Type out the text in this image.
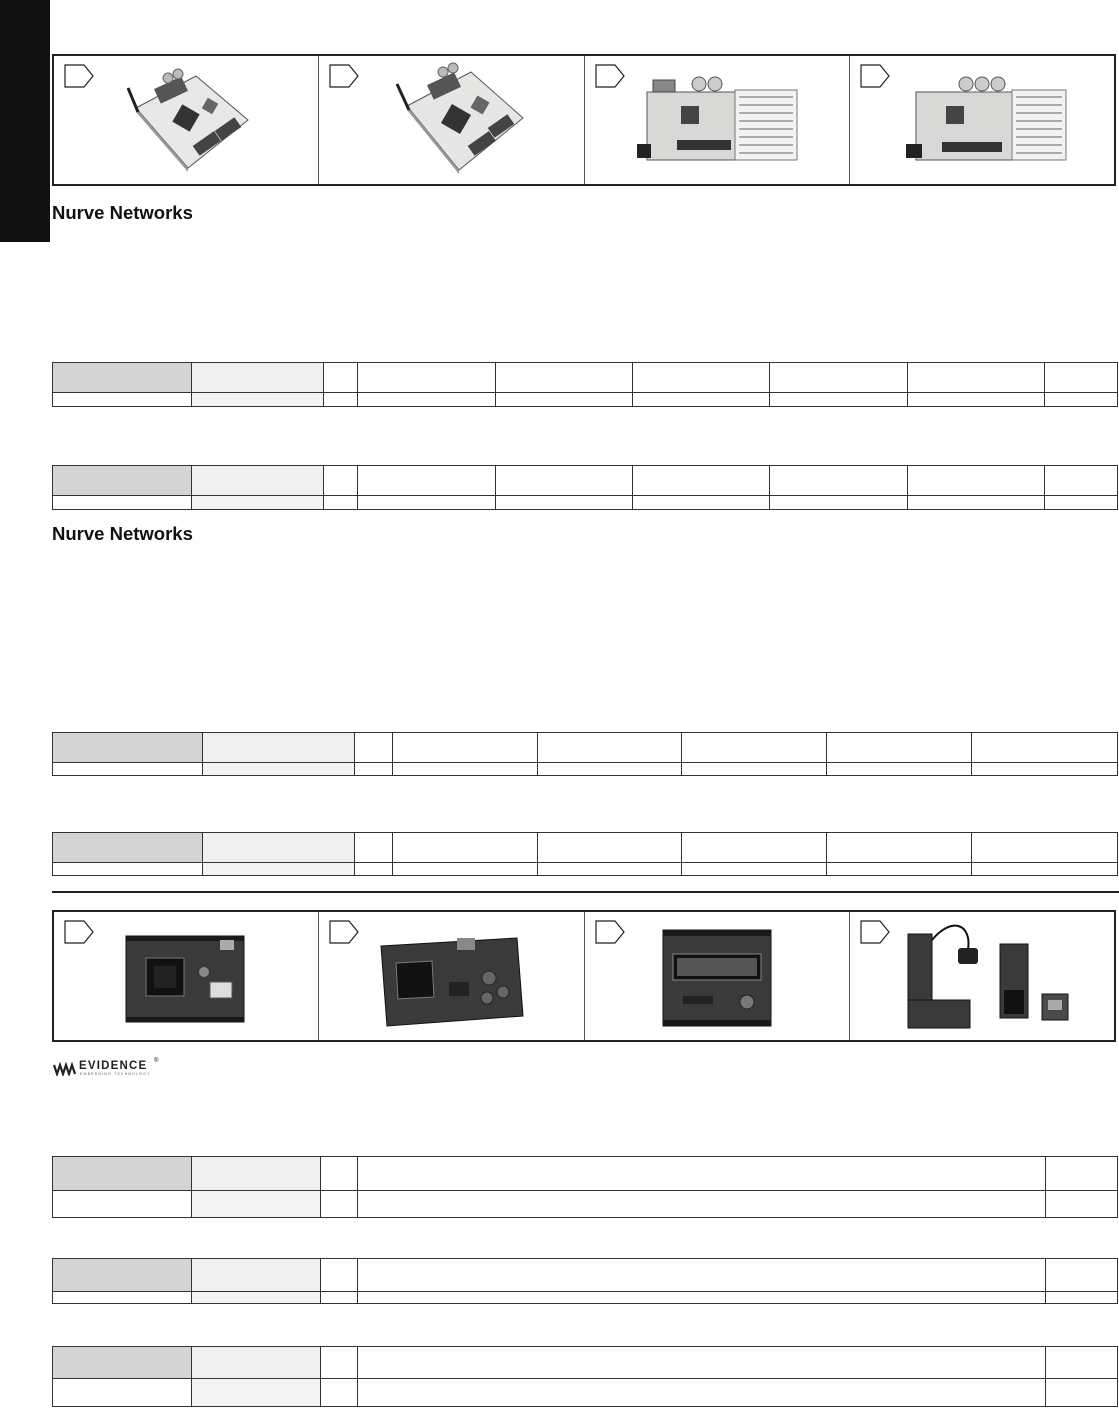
Nurve Networks

Nurve Networks

EVIDENCE ®
EMBEDDING TECHNOLOGY
